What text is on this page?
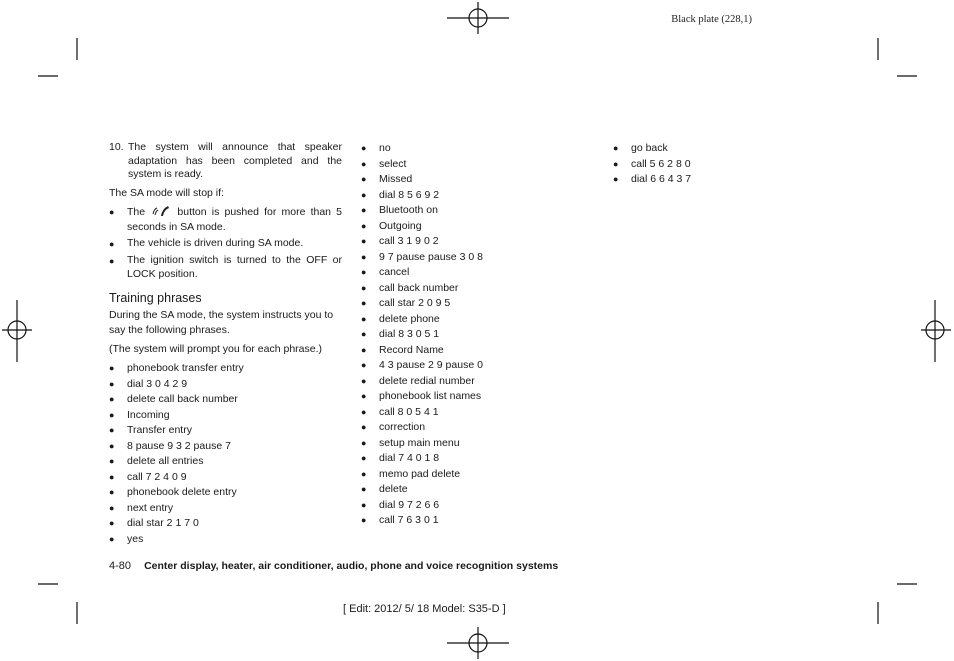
Black plate (228,1)
10. The system will announce that speaker adaptation has been completed and the system is ready.

The SA mode will stop if:

●	The	button is pushed for more than 5 seconds in SA mode.
●	The vehicle is driven during SA mode.
●	The ignition switch is turned to the OFF or LOCK position.
Training phrases

During the SA mode, the system instructs you to say the following phrases.

(The system will prompt you for each phrase.)

●	phonebook transfer entry
●	dial 3 0 4 2 9
●	delete call back number
●	Incoming
●	Transfer entry
●	8 pause 9 3 2 pause 7
●	delete all entries
●	call 7 2 4 0 9
●	phonebook delete entry
●	next entry
●	dial star 2 1 7 0
●	yes
●	no
●	select
●	Missed
●	dial 8 5 6 9 2
●	Bluetooth on
●	Outgoing
●	call 3 1 9 0 2
●	9 7 pause pause 3 0 8
●	cancel
●	call back number
●	call star 2 0 9 5
●	delete phone
●	dial 8 3 0 5 1
●	Record Name
●	4 3 pause 2 9 pause 0
●	delete redial number
●	phonebook list names
●	call 8 0 5 4 1
●	correction
●	setup main menu
●	dial 7 4 0 1 8
●	memo pad delete
●	delete
●	dial 9 7 2 6 6
●	call 7 6 3 0 1
●	go back
●	call 5 6 2 8 0
●	dial 6 6 4 3 7
4-80 Center display, heater, air conditioner, audio, phone and voice recognition systems
[ Edit: 2012/ 5/ 18 Model: S35-D ]
